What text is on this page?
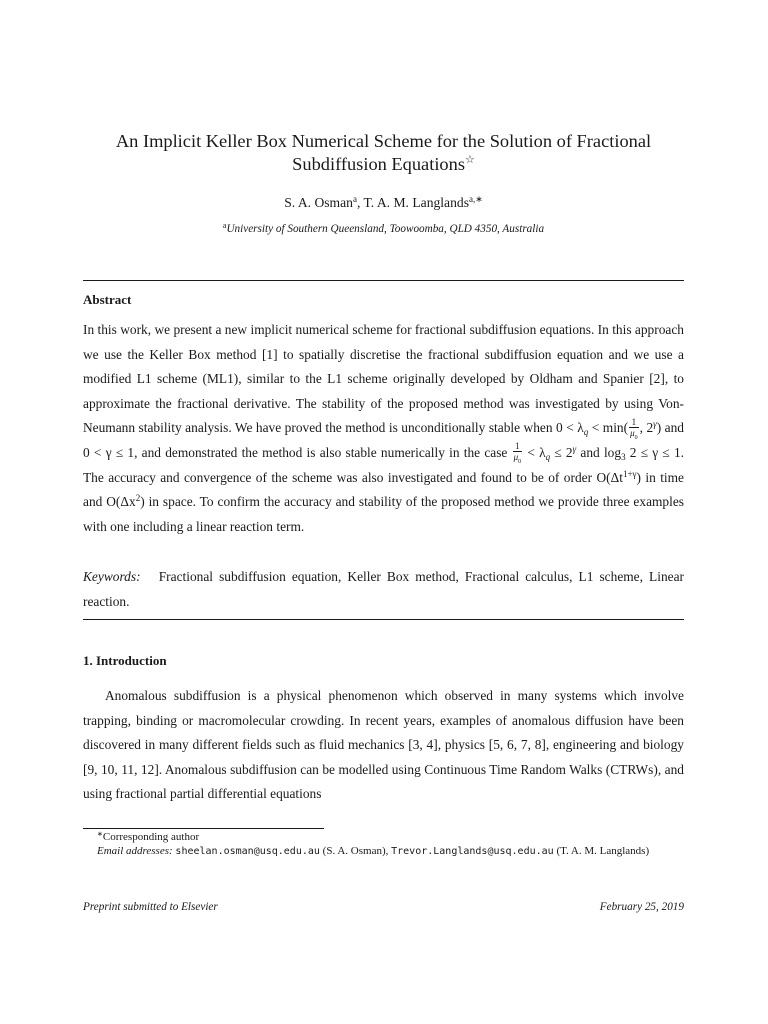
An Implicit Keller Box Numerical Scheme for the Solution of Fractional
Subdiffusion Equations☆
S. A. Osman$^a$, T. A. M. Langlands$^{a,∗}$
$^a$University of Southern Queensland, Toowoomba, QLD 4350, Australia
Abstract

In this work, we present a new implicit numerical scheme for fractional subdiffusion equations. In this approach we use the Keller Box method [1] to spatially discretise the fractional subdiffusion equation and we use a modified L1 scheme (ML1), similar to the L1 scheme originally developed by Oldham and Spanier [2], to approximate the fractional derivative. The stability of the proposed method was investigated by using Von-Neumann stability analysis. We have proved the method is unconditionally stable when $0 < \lambda_q < \min( \frac{1}{\mu_0}$ , $2^\gamma$) and 0 < γ ≤ 1, and demonstrated the method is also stable numerically in the case $\frac{1}{\mu_0} < \lambda_q \le 2^\gamma$ and $\log_3 2 \le \gamma \le 1$. The accuracy and convergence of the scheme was also investigated and found to be of order $O(\Delta t^{1+\gamma})$ in time and $O(\Delta x^2)$ in space. To confirm the accuracy and stability of the proposed method we provide three examples with one including a linear reaction term.

Keywords: Fractional subdiffusion equation, Keller Box method, Fractional calculus, L1 scheme, Linear reaction.

1. Introduction

Anomalous subdiffusion is a physical phenomenon which observed in many systems which involve trapping, binding or macromolecular crowding. In recent years, examples of anomalous diffusion have been discovered in many different fields such as fluid mechanics [3, 4], physics [5, 6, 7, 8], engineering and biology [9, 10, 11, 12]. Anomalous subdiffusion can be modelled using Continuous Time Random Walks (CTRWs), and using fractional partial differential equations

∗Corresponding author
Email addresses: sheelan.osman@usq.edu.au (S. A. Osman), Trevor.Langlands@usq.edu.au (T. A. M. Langlands)
Preprint submitted to Elsevier	February 25, 2019
